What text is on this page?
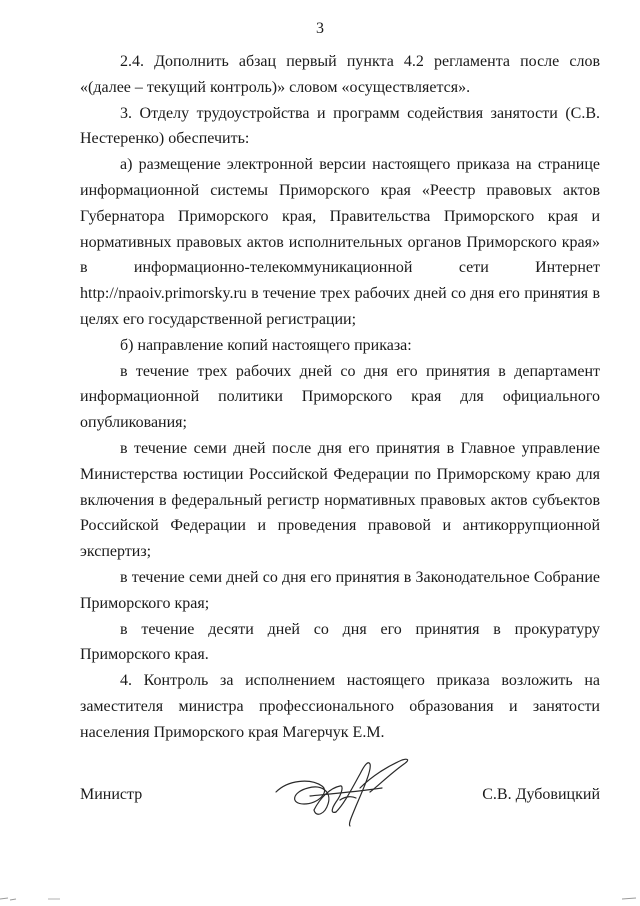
3

2.4. Дополнить абзац первый пункта 4.2 регламента после слов «(далее – текущий контроль)» словом «осуществляется».

3. Отделу трудоустройства и программ содействия занятости (С.В. Нестеренко) обеспечить:

а) размещение электронной версии настоящего приказа на странице информационной системы Приморского края «Реестр правовых актов Губернатора Приморского края, Правительства Приморского края и нормативных правовых актов исполнительных органов Приморского края» в информационно-телекоммуникационной сети Интернет http://npaoiv.primorsky.ru в течение трех рабочих дней со дня его принятия в целях его государственной регистрации;

б) направление копий настоящего приказа:

в течение трех рабочих дней со дня его принятия в департамент информационной политики Приморского края для официального опубликования;

в течение семи дней после дня его принятия в Главное управление Министерства юстиции Российской Федерации по Приморскому краю для включения в федеральный регистр нормативных правовых актов субъектов Российской Федерации и проведения правовой и антикоррупционной экспертиз;

в течение семи дней со дня его принятия в Законодательное Собрание Приморского края;

в течение десяти дней со дня его принятия в прокуратуру Приморского края.

4. Контроль за исполнением настоящего приказа возложить на заместителя министра профессионального образования и занятости населения Приморского края Магерчук Е.М.

Министр	С.В. Дубовицкий
